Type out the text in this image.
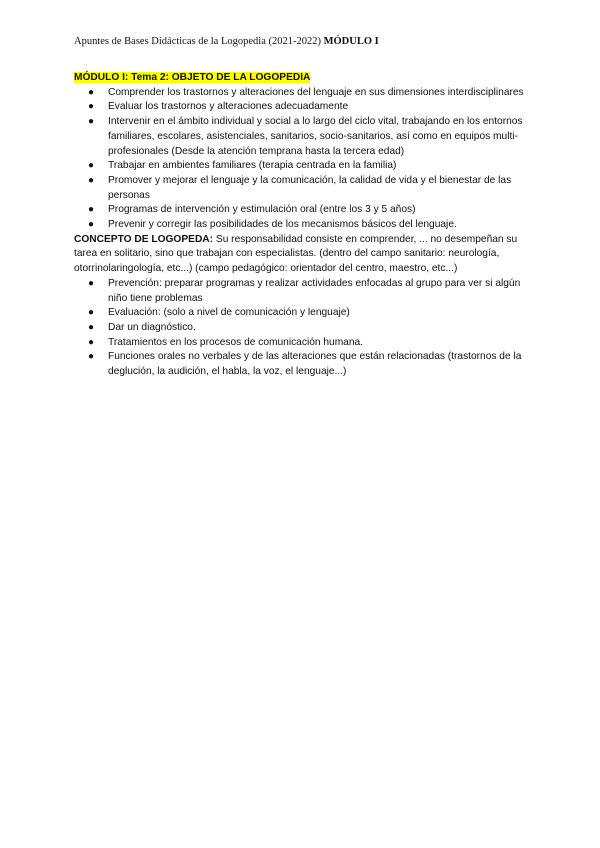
Apuntes de Bases Didácticas de la Logopedia (2021-2022) MÓDULO I
MÓDULO I: Tema 2: OBJETO DE LA LOGOPEDIA
● Comprender los trastornos y alteraciones del lenguaje en sus dimensiones interdisciplinares
● Evaluar los trastornos y alteraciones adecuadamente
● Intervenir en el ámbito individual y social a lo largo del ciclo vital, trabajando en los entornos familiares, escolares, asistenciales, sanitarios, socio-sanitarios, así como en equipos multi- profesionales (Desde la atención temprana hasta la tercera edad)
● Trabajar en ambientes familiares (terapia centrada en la familia)
● Promover y mejorar el lenguaje y la comunicación, la calidad de vida y el bienestar de las personas
● Programas de intervención y estimulación oral (entre los 3 y 5 años)
● Prevenir y corregir las posibilidades de los mecanismos básicos del lenguaje.
CONCEPTO DE LOGOPEDA: Su responsabilidad consiste en comprender, ... no desempeñan su tarea en solitario, sino que trabajan con especialistas. (dentro del campo sanitario: neurología, otorrinolaringología, etc...) (campo pedagógico: orientador del centro, maestro, etc...)
● Prevención: preparar programas y realizar actividades enfocadas al grupo para ver si algún niño tiene problemas
● Evaluación: (solo a nivel de comunicación y lenguaje)
● Dar un diagnóstico.
● Tratamientos en los procesos de comunicación humana.
● Funciones orales no verbales y de las alteraciones que están relacionadas (trastornos de la deglución, la audición, el habla, la voz, el lenguaje...)
